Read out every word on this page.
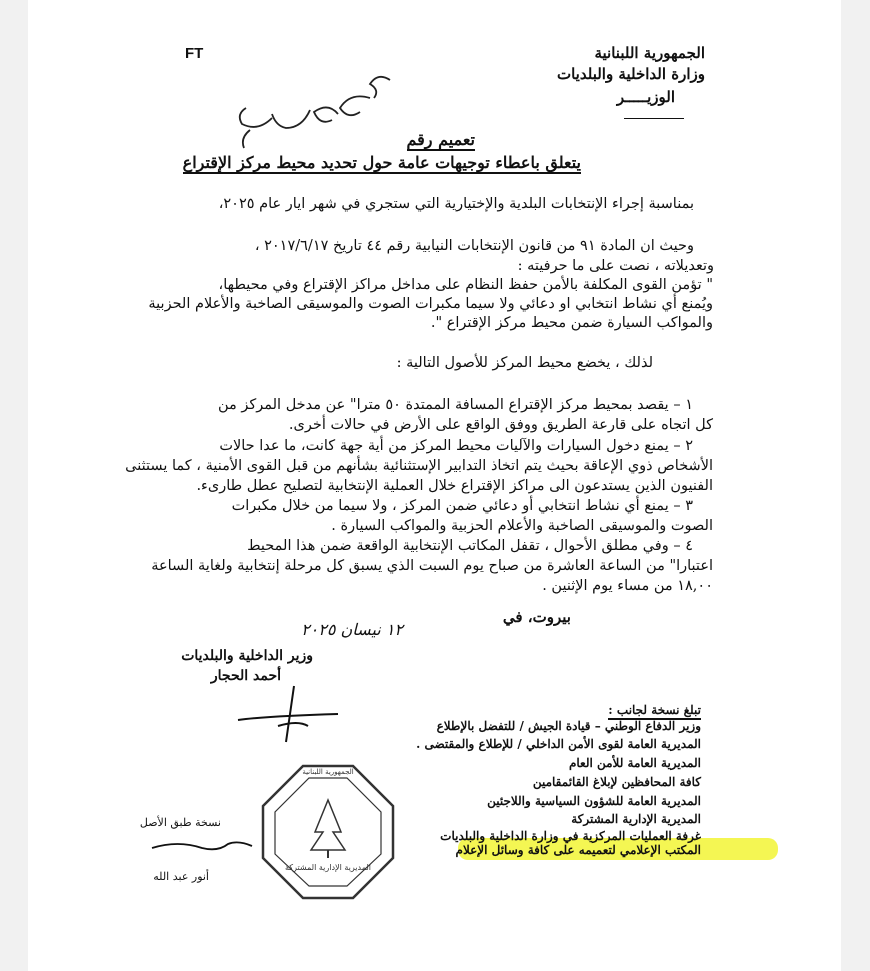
FT	الجمهورية اللبنانية
وزارة الداخلية والبلديات
الوزيـــــر
تعميم رقم
يتعلق باعطاء توجيهات عامة حول تحديد محيط مركز الإقتراع
بمناسبة إجراء الإنتخابات البلدية والإختيارية التي ستجري في شهر ايار عام ٢٠٢٥،
وحيث ان المادة ٩١ من قانون الإنتخابات النيابية رقم ٤٤ تاريخ ٢٠١٧/٦/١٧ ،
وتعديلاته ، نصت على ما حرفيته :
" تؤمن القوى المكلفة بالأمن حفظ النظام على مداخل مراكز الإقتراع وفي محيطها،
ويُمنع أي نشاط انتخابي او دعائي ولا سيما مكبرات الصوت والموسيقى الصاخبة والأعلام الحزبية
والمواكب السيارة ضمن محيط مركز الإقتراع ".
لذلك ، يخضع محيط المركز للأصول التالية :
١ – يقصد بمحيط مركز الإقتراع المسافة الممتدة ٥٠ مترا" عن مدخل المركز من
كل اتجاه على قارعة الطريق ووفق الواقع على الأرض في حالات أخرى.
٢ – يمنع دخول السيارات والآليات محيط المركز من أية جهة كانت، ما عدا حالات
الأشخاص ذوي الإعاقة بحيث يتم اتخاذ التدابير الإستثنائية بشأنهم من قبل القوى الأمنية ، كما يستثنى
الفنيون الذين يستدعون الى مراكز الإقتراع خلال العملية الإنتخابية لتصليح عطل طارىء.
٣ – يمنع أي نشاط انتخابي أو دعائي ضمن المركز ، ولا سيما من خلال مكبرات
الصوت والموسيقى الصاخبة والأعلام الحزبية والمواكب السيارة .
٤ – وفي مطلق الأحوال ، تقفل المكاتب الإنتخابية الواقعة ضمن هذا المحيط
اعتبارا" من الساعة العاشرة من صباح يوم السبت الذي يسبق كل مرحلة إنتخابية ولغاية الساعة
١٨,٠٠ من مساء يوم الإثنين .
بيروت، في
١٢ نيسان ٢٠٢٥
وزير الداخلية والبلديات
أحمد الحجار
المديرية الإدارية المشتركة
الجمهورية اللبنانية
نسخة طبق الأصل
أنور عبد الله
تبلغ نسخة لجانب :
وزير الدفاع الوطني – قيادة الجيش / للتفضل بالإطلاع
المديرية العامة لقوى الأمن الداخلي / للإطلاع والمقتضى .
المديرية العامة للأمن العام
كافة المحافظين لإبلاغ القائمقامين
المديرية العامة للشؤون السياسية واللاجئين
المديرية الإدارية المشتركة
غرفة العمليات المركزية في وزارة الداخلية والبلديات
المكتب الإعلامي لتعميمه على كافة وسائل الإعلام
